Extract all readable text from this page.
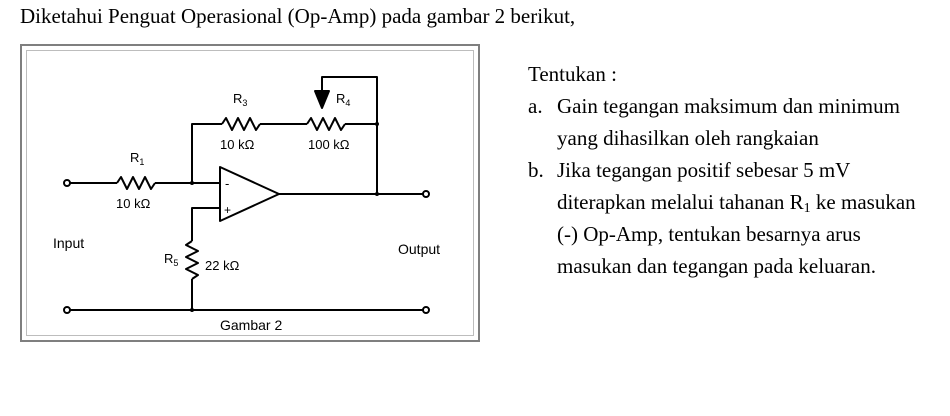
Diketahui Penguat Operasional (Op-Amp) pada gambar 2 berikut,
$R_1$
10 kΩ
$R_3$
10 kΩ
$R_4$
100 kΩ
$R_5$ 22 kΩ
-
+
Input	Output
Gambar 2
Tentukan :
a. Gain tegangan maksimum dan minimum yang dihasilkan oleh rangkaian
b. Jika tegangan positif sebesar 5 mV diterapkan melalui tahanan $R_1$ ke masukan (-) Op-Amp, tentukan besarnya arus masukan dan tegangan pada keluaran.
